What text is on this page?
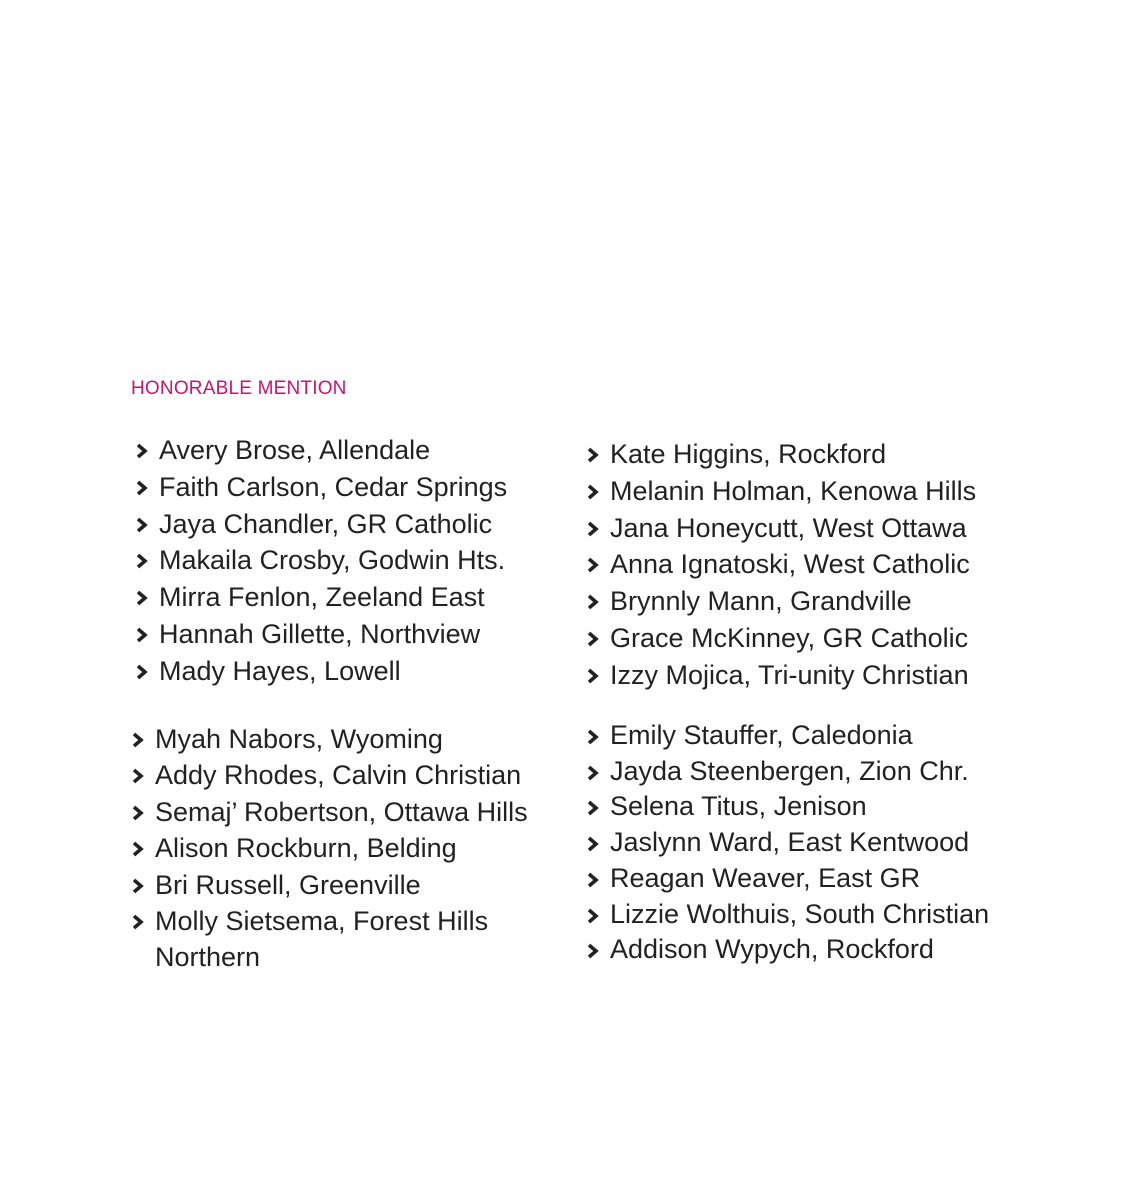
HONORABLE MENTION
Avery Brose, Allendale
Faith Carlson, Cedar Springs
Jaya Chandler, GR Catholic
Makaila Crosby, Godwin Hts.
Mirra Fenlon, Zeeland East
Hannah Gillette, Northview
Mady Hayes, Lowell
Kate Higgins, Rockford
Melanin Holman, Kenowa Hills
Jana Honeycutt, West Ottawa
Anna Ignatoski, West Catholic
Brynnly Mann, Grandville
Grace McKinney, GR Catholic
Izzy Mojica, Tri-unity Christian
Myah Nabors, Wyoming
Addy Rhodes, Calvin Christian
Semaj’ Robertson, Ottawa Hills
Alison Rockburn, Belding
Bri Russell, Greenville
Molly Sietsema, Forest Hills Northern
Emily Stauffer, Caledonia
Jayda Steenbergen, Zion Chr.
Selena Titus, Jenison
Jaslynn Ward, East Kentwood
Reagan Weaver, East GR
Lizzie Wolthuis, South Christian
Addison Wypych, Rockford
